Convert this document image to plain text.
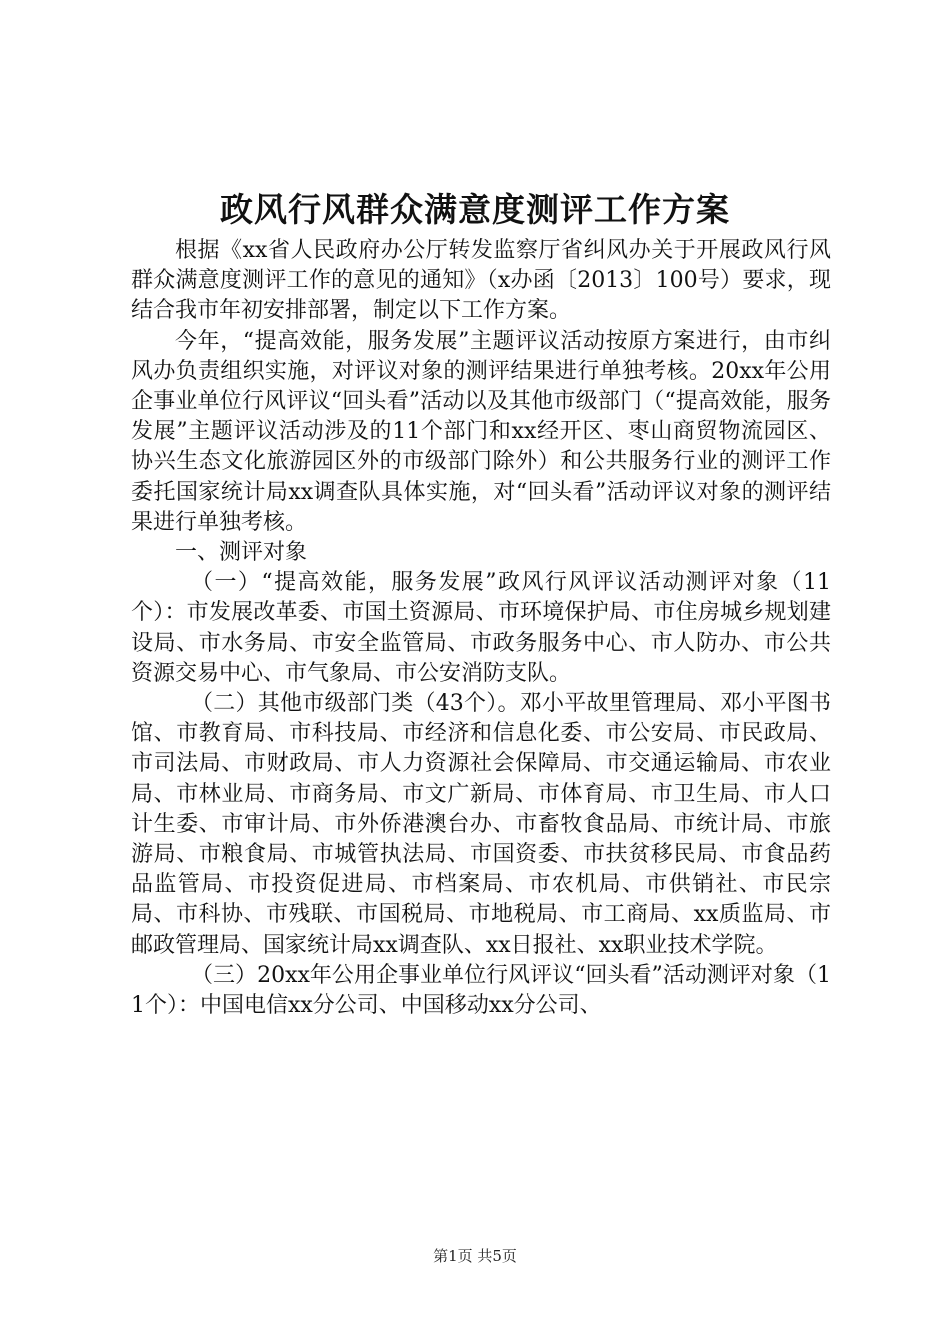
政风行风群众满意度测评工作方案

根据《xx省人民政府办公厅转发监察厅省纠风办关于开展政风行风群众满意度测评工作的意见的通知》（x办函〔2013〕100号）要求，现结合我市年初安排部署，制定以下工作方案。

今年，“提高效能，服务发展”主题评议活动按原方案进行，由市纠风办负责组织实施，对评议对象的测评结果进行单独考核。20xx年公用企事业单位行风评议“回头看”活动以及其他市级部门（“提高效能，服务发展”主题评议活动涉及的11个部门和xx经开区、枣山商贸物流园区、协兴生态文化旅游园区外的市级部门除外）和公共服务行业的测评工作委托国家统计局xx调查队具体实施，对“回头看”活动评议对象的测评结果进行单独考核。

一、测评对象

（一）“提高效能，服务发展”政风行风评议活动测评对象（11个）：市发展改革委、市国土资源局、市环境保护局、市住房城乡规划建设局、市水务局、市安全监管局、市政务服务中心、市人防办、市公共资源交易中心、市气象局、市公安消防支队。

（二）其他市级部门类（43个）。邓小平故里管理局、邓小平图书馆、市教育局、市科技局、市经济和信息化委、市公安局、市民政局、市司法局、市财政局、市人力资源社会保障局、市交通运输局、市农业局、市林业局、市商务局、市文广新局、市体育局、市卫生局、市人口计生委、市审计局、市外侨港澳台办、市畜牧食品局、市统计局、市旅游局、市粮食局、市城管执法局、市国资委、市扶贫移民局、市食品药品监管局、市投资促进局、市档案局、市农机局、市供销社、市民宗局、市科协、市残联、市国税局、市地税局、市工商局、xx质监局、市邮政管理局、国家统计局xx调查队、xx日报社、xx职业技术学院。

（三）20xx年公用企事业单位行风评议“回头看”活动测评对象（11个）：中国电信xx分公司、中国移动xx分公司、

第1页 共5页
